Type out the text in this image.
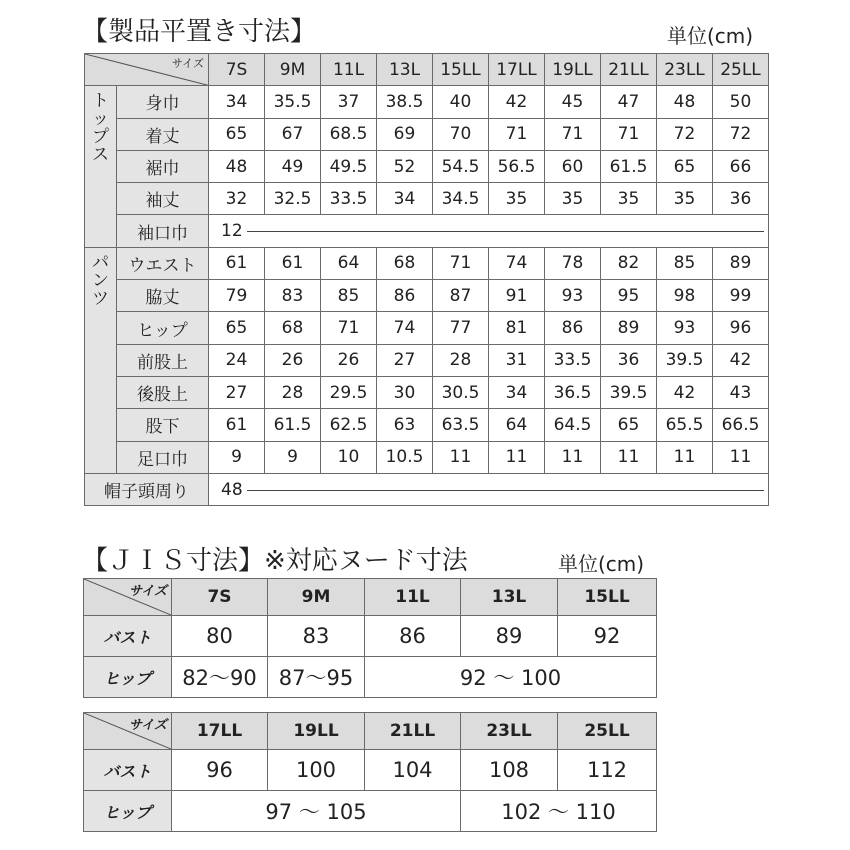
【製品平置き寸法】	単位(cm)
サイズ		7S	9M	11L	13L	15LL	17LL	19LL	21LL	23LL	25LL
トップス	身巾	34	35.5	37	38.5	40	42	45	47	48	50
	着丈	65	67	68.5	69	70	71	71	71	72	72
	裾巾	48	49	49.5	52	54.5	56.5	60	61.5	65	66
	袖丈	32	32.5	33.5	34	34.5	35	35	35	35	36
	袖口巾	12									

パンツ	ウエスト	61	61	64	68	71	74	78	82	85	89
	脇丈	79	83	85	86	87	91	93	95	98	99
	ヒップ	65	68	71	74	77	81	86	89	93	96
	前股上	24	26	26	27	28	31	33.5	36	39.5	42
	後股上	27	28	29.5	30	30.5	34	36.5	39.5	42	43
	股下	61	61.5	62.5	63	63.5	64	64.5	65	65.5	66.5
	足口巾	9	9	10	10.5	11	11	11	11	11	11
帽子頭周り		48									
【ＪＩＳ寸法】※対応ヌード寸法	単位(cm)
サイズ	7S	9M	11L	13L	15LL
バスト	80	83	86	89	92
ヒップ	82～90	87～95	92 ～ 100		
サイズ	17LL	19LL	21LL	23LL	25LL
バスト	96	100	104	108	112
ヒップ	97 ～ 105			102 ～ 110	
